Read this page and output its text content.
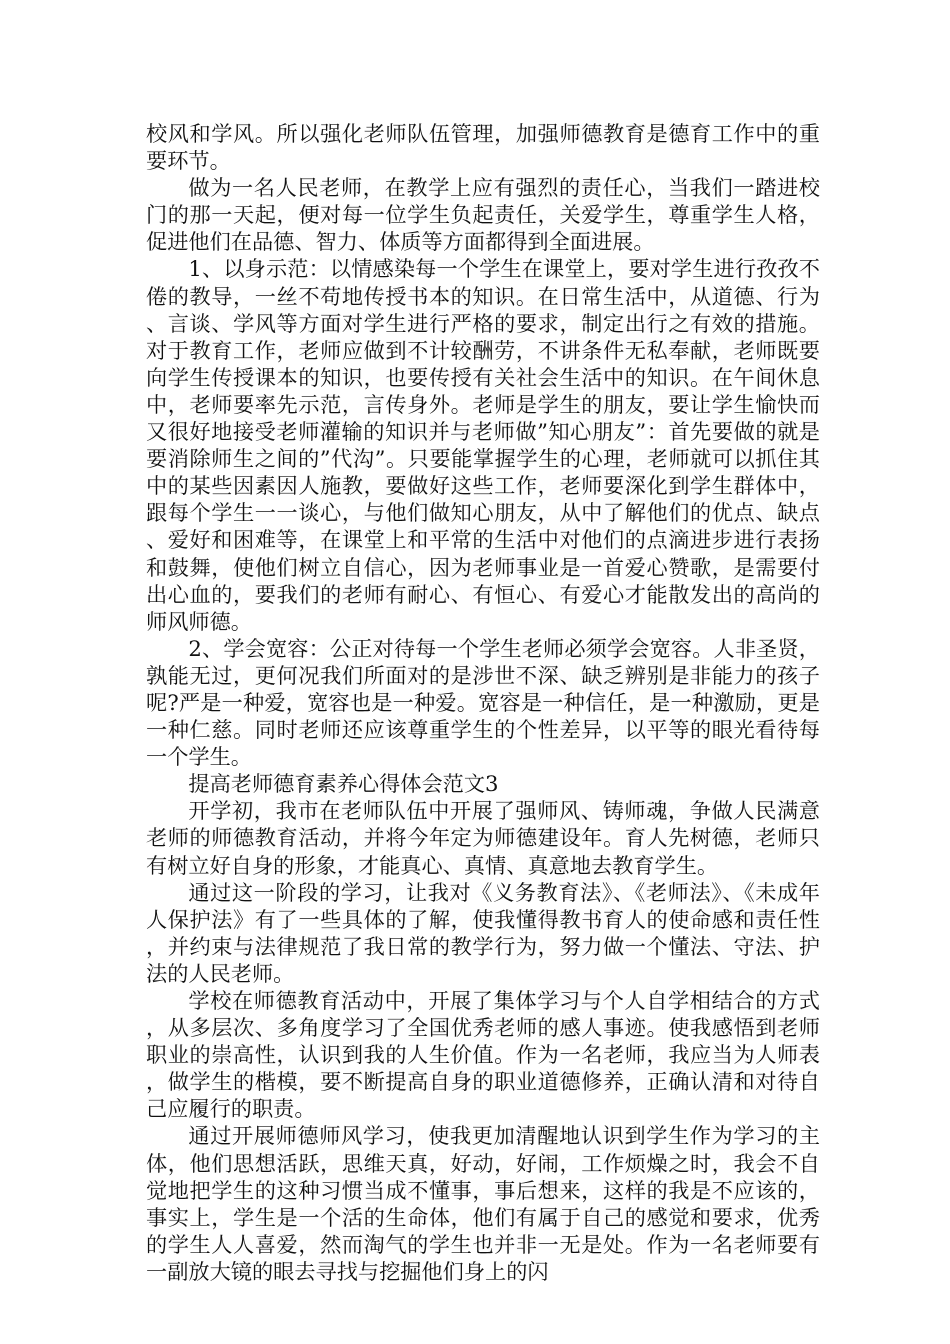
校风和学风。所以强化老师队伍管理，加强师德教育是德育工作中的重要环节。

做为一名人民老师，在教学上应有强烈的责任心，当我们一踏进校门的那一天起，便对每一位学生负起责任，关爱学生，尊重学生人格，促进他们在品德、智力、体质等方面都得到全面进展。

1、以身示范：以情感染每一个学生在课堂上，要对学生进行孜孜不倦的教导，一丝不苟地传授书本的知识。在日常生活中，从道德、行为、言谈、学风等方面对学生进行严格的要求，制定出行之有效的措施。对于教育工作，老师应做到不计较酬劳，不讲条件无私奉献，老师既要向学生传授课本的知识，也要传授有关社会生活中的知识。在午间休息中，老师要率先示范，言传身外。老师是学生的朋友，要让学生愉快而又很好地接受老师灌输的知识并与老师做”知心朋友”：首先要做的就是要消除师生之间的”代沟”。只要能掌握学生的心理，老师就可以抓住其中的某些因素因人施教，要做好这些工作，老师要深化到学生群体中，跟每个学生一一谈心，与他们做知心朋友，从中了解他们的优点、缺点、爱好和困难等，在课堂上和平常的生活中对他们的点滴进步进行表扬和鼓舞，使他们树立自信心，因为老师事业是一首爱心赞歌，是需要付出心血的，要我们的老师有耐心、有恒心、有爱心才能散发出的高尚的师风师德。

2、学会宽容：公正对待每一个学生老师必须学会宽容。人非圣贤，孰能无过，更何况我们所面对的是涉世不深、缺乏辨别是非能力的孩子呢?严是一种爱，宽容也是一种爱。宽容是一种信任，是一种激励，更是一种仁慈。同时老师还应该尊重学生的个性差异，以平等的眼光看待每一个学生。

提高老师德育素养心得体会范文3

开学初，我市在老师队伍中开展了强师风、铸师魂，争做人民满意老师的师德教育活动，并将今年定为师德建设年。育人先树德，老师只有树立好自身的形象，才能真心、真情、真意地去教育学生。

通过这一阶段的学习，让我对《义务教育法》、《老师法》、《未成年人保护法》有了一些具体的了解，使我懂得教书育人的使命感和责任性，并约束与法律规范了我日常的教学行为，努力做一个懂法、守法、护法的人民老师。

学校在师德教育活动中，开展了集体学习与个人自学相结合的方式，从多层次、多角度学习了全国优秀老师的感人事迹。使我感悟到老师职业的崇高性，认识到我的人生价值。作为一名老师，我应当为人师表，做学生的楷模，要不断提高自身的职业道德修养，正确认清和对待自己应履行的职责。

通过开展师德师风学习，使我更加清醒地认识到学生作为学习的主体，他们思想活跃，思维天真，好动，好闹，工作烦燥之时，我会不自觉地把学生的这种习惯当成不懂事，事后想来，这样的我是不应该的，事实上，学生是一个活的生命体，他们有属于自己的感觉和要求，优秀的学生人人喜爱，然而淘气的学生也并非一无是处。作为一名老师要有一副放大镜的眼去寻找与挖掘他们身上的闪
